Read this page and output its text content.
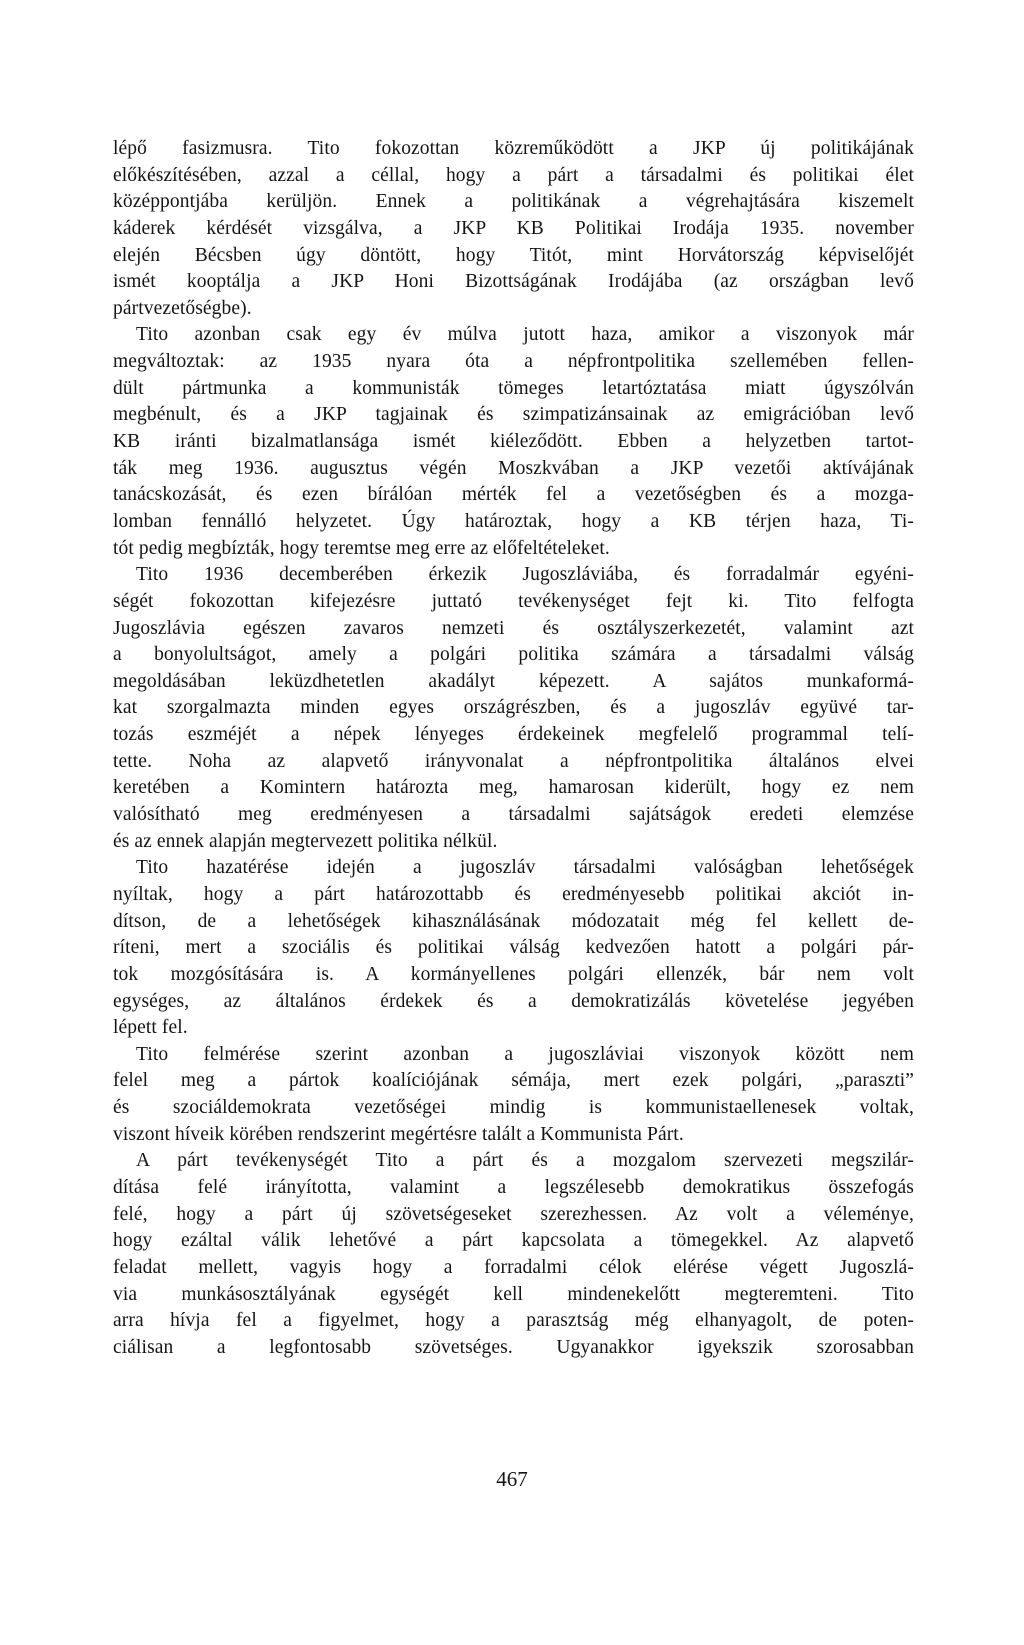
lépő fasizmusra. Tito fokozottan közreműködött a JKP új politikájának
előkészítésében, azzal a céllal, hogy a párt a társadalmi és politikai élet
középpontjába kerüljön. Ennek a politikának a végrehajtására kiszemelt
káderek kérdését vizsgálva, a JKP KB Politikai Irodája 1935. november
elején Bécsben úgy döntött, hogy Titót, mint Horvátország képviselőjét
ismét kooptálja a JKP Honi Bizottságának Irodájába (az országban levő
pártvezetőségbe).
Tito azonban csak egy év múlva jutott haza, amikor a viszonyok már
megváltoztak: az 1935 nyara óta a népfrontpolitika szellemében fellen-
dült pártmunka a kommunisták tömeges letartóztatása miatt úgyszólván
megbénult, és a JKP tagjainak és szimpatizánsainak az emigrációban levő
KB iránti bizalmatlansága ismét kiéleződött. Ebben a helyzetben tartot-
ták meg 1936. augusztus végén Moszkvában a JKP vezetői aktívájának
tanácskozását, és ezen bírálóan mérték fel a vezetőségben és a mozga-
lomban fennálló helyzetet. Úgy határoztak, hogy a KB térjen haza, Ti-
tót pedig megbízták, hogy teremtse meg erre az előfeltételeket.
Tito 1936 decemberében érkezik Jugoszláviába, és forradalmár egyéni-
ségét fokozottan kifejezésre juttató tevékenységet fejt ki. Tito felfogta
Jugoszlávia egészen zavaros nemzeti és osztályszerkezetét, valamint azt
a bonyolultságot, amely a polgári politika számára a társadalmi válság
megoldásában leküzdhetetlen akadályt képezett. A sajátos munkaformá-
kat szorgalmazta minden egyes országrészben, és a jugoszláv együvé tar-
tozás eszméjét a népek lényeges érdekeinek megfelelő programmal telí-
tette. Noha az alapvető irányvonalat a népfrontpolitika általános elvei
keretében a Komintern határozta meg, hamarosan kiderült, hogy ez nem
valósítható meg eredményesen a társadalmi sajátságok eredeti elemzése
és az ennek alapján megtervezett politika nélkül.
Tito hazatérése idején a jugoszláv társadalmi valóságban lehetőségek
nyíltak, hogy a párt határozottabb és eredményesebb politikai akciót in-
dítson, de a lehetőségek kihasználásának módozatait még fel kellett de-
ríteni, mert a szociális és politikai válság kedvezően hatott a polgári pár-
tok mozgósítására is. A kormányellenes polgári ellenzék, bár nem volt
egységes, az általános érdekek és a demokratizálás követelése jegyében
lépett fel.
Tito felmérése szerint azonban a jugoszláviai viszonyok között nem
felel meg a pártok koalíciójának sémája, mert ezek polgári, „paraszti”
és szociáldemokrata vezetőségei mindig is kommunistaellenesek voltak,
viszont híveik körében rendszerint megértésre talált a Kommunista Párt.
A párt tevékenységét Tito a párt és a mozgalom szervezeti megszilár-
dítása felé irányította, valamint a legszélesebb demokratikus összefogás
felé, hogy a párt új szövetségeseket szerezhessen. Az volt a véleménye,
hogy ezáltal válik lehetővé a párt kapcsolata a tömegekkel. Az alapvető
feladat mellett, vagyis hogy a forradalmi célok elérése végett Jugoszlá-
via munkásosztályának egységét kell mindenekelőtt megteremteni. Tito
arra hívja fel a figyelmet, hogy a parasztság még elhanyagolt, de poten-
ciálisan a legfontosabb szövetséges. Ugyanakkor igyekszik szorosabban
467
